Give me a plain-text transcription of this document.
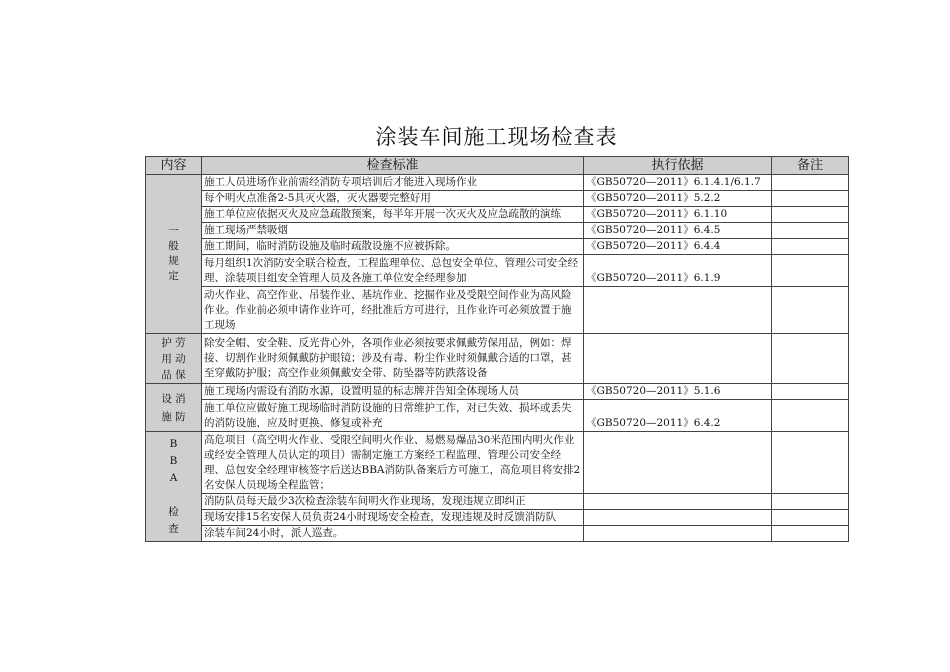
涂装车间施工现场检查表
内容	检查标准	执行依据	备注

一
般
规
定	施工人员进场作业前需经消防专项培训后才能进入现场作业	《GB50720—2011》6.1.4.1/6.1.7	
	每个明火点准备2-5具灭火器，灭火器要完整好用	《GB50720—2011》5.2.2	
	施工单位应依据灭火及应急疏散预案，每半年开展一次灭火及应急疏散的演练	《GB50720—2011》6.1.10	
	施工现场严禁吸烟	《GB50720—2011》6.4.5	
	施工期间，临时消防设施及临时疏散设施不应被拆除。	《GB50720—2011》6.4.4	
	每月组织1次消防安全联合检查，工程监理单位、总包安全单位、管理公司安全经理、涂装项目组安全管理人员及各施工单位安全经理参加	《GB50720—2011》6.1.9	
	动火作业、高空作业、吊装作业、基坑作业、挖掘作业及受限空间作业为高风险作业。作业前必须申请作业许可，经批准后方可进行，且作业许可必须放置于施工现场		

护 劳
用 动
品 保	除安全帽、安全鞋、反光背心外，各项作业必须按要求佩戴劳保用品，例如：焊接、切割作业时须佩戴防护眼镜；涉及有毒、粉尘作业时须佩戴合适的口罩，甚至穿戴防护服；高空作业须佩戴安全带、防坠器等防跌落设备		

设 消
施 防	施工现场内需设有消防水源，设置明显的标志牌并告知全体现场人员	《GB50720—2011》5.1.6	
	施工单位应做好施工现场临时消防设施的日常维护工作，对已失效、损坏或丢失的消防设施，应及时更换、修复或补充	《GB50720—2011》6.4.2	

B
B
A

检
查	高危项目（高空明火作业、受限空间明火作业、易燃易爆品30米范围内明火作业或经安全管理人员认定的项目）需制定施工方案经工程监理、管理公司安全经理、总包安全经理审核签字后送达BBA消防队备案后方可施工，高危项目将安排2名安保人员现场全程监管；		
	消防队员每天最少3次检查涂装车间明火作业现场，发现违规立即纠正		
	现场安排15名安保人员负责24小时现场安全检查，发现违规及时反馈消防队		
	涂装车间24小时，派人巡查。		
